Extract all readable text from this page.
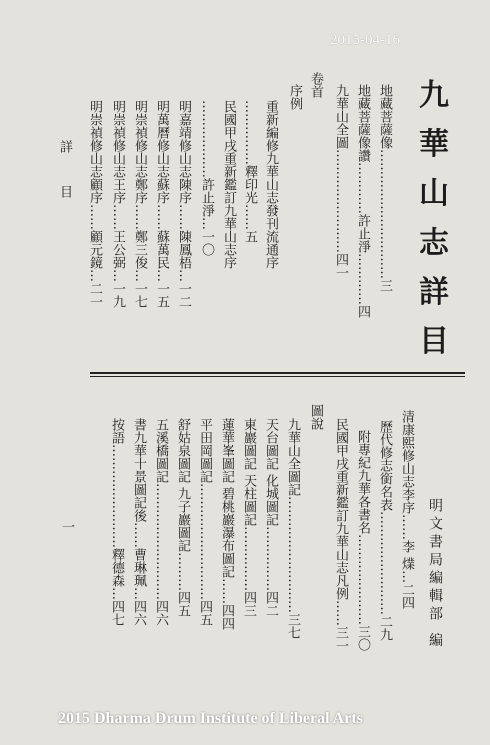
2015-04-16
九
華
山
志
詳
目
地藏菩薩像…………………………三
地藏菩薩像讚…………許止淨…………四
九華山全圖……………………四一
卷首
序例
重新編修九華山志發刊流通序
……………釋印光……五
民國甲戌重新鑑訂九華山志序
………………許止淨…一〇
明嘉靖修山志陳序……陳鳳梧…一二
明萬曆修山志蘇序……蘇萬民…一五
明崇禎修山志鄭序……鄭三俊…一七
明崇禎修山志王序……王公弼…一九
明崇禎修山志顧序……顧元鏡…二一
詳 目
明文書局編輯部 編
清康熙修山志李序……李 㸁…二四
歷代修志銜名表……………………二九
附專紀九華各書名…………………三〇
民國甲戌重新鑑訂九華山志凡例……三一
圖說
九華山全圖記………………………三七
天台圖記 化城圖記……………四二
東巖圖記 天柱圖記……………四三
蓮華峯圖記 碧桃巖瀑布圖記……四四
平田岡圖記………………………四五
舒姑泉圖記 九子巖圖記………四五
五溪橋圖記………………………四六
書九華十景圖記後……曹琳珮…四六
按語……………………釋德森…四七
一
2015 Dharma Drum Institute of Liberal Arts
